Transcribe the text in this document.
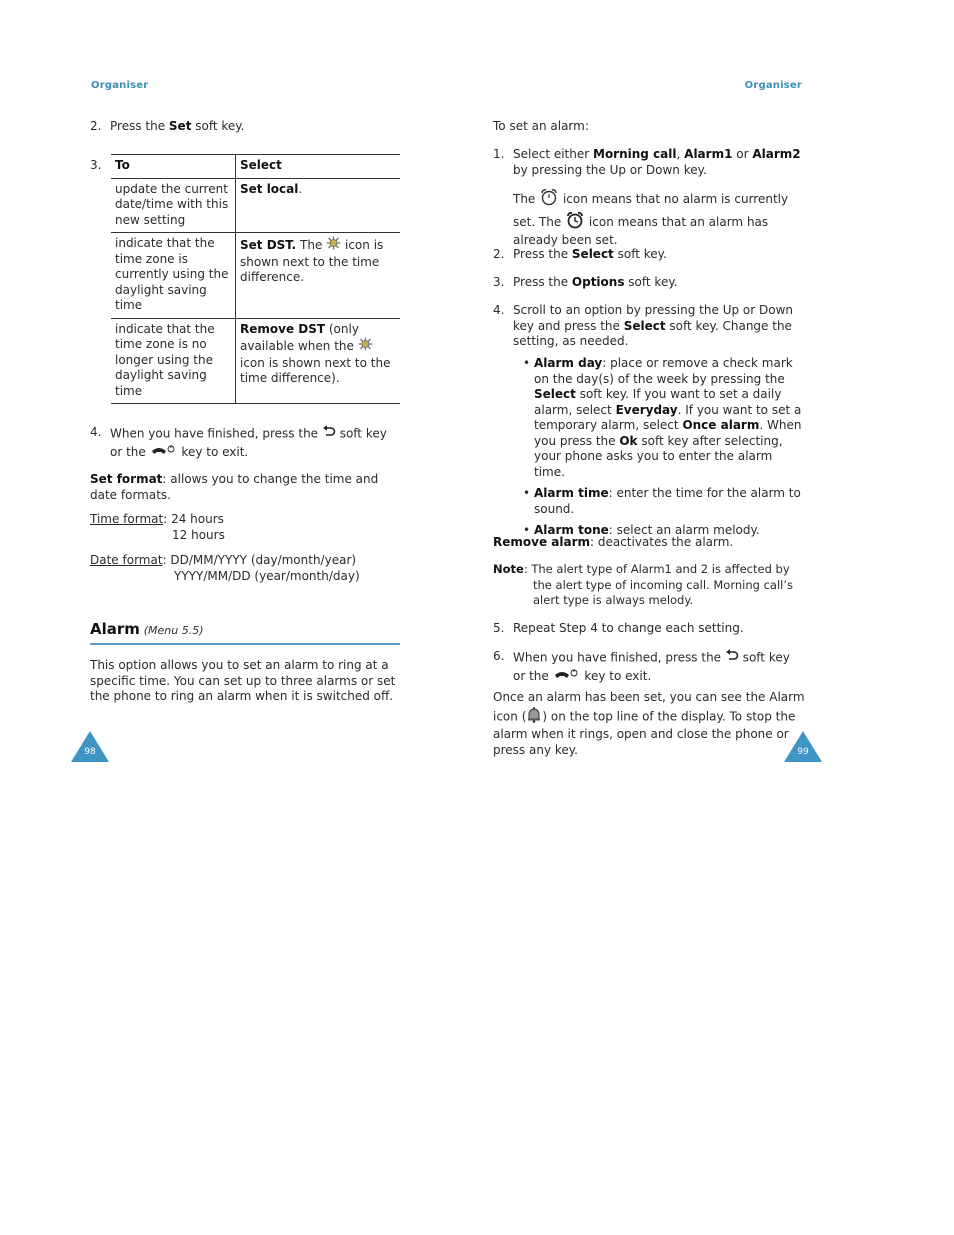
Organiser
2. Press the Set soft key.
3. To	Select
update the current date/time with this new setting	Set local.
indicate that the time zone is currently using the daylight saving time	Set DST. The  icon is shown next to the time difference.
indicate that the time zone is no longer using the daylight saving time	Remove DST (only available when the  icon is shown next to the time difference).
4. When you have finished, press the  soft key or the  key to exit.

Set format: allows you to change the time and date formats.

Time format: 24 hours
12 hours
Date format: DD/MM/YYYY (day/month/year)
YYYY/MM/DD (year/month/day)
Alarm (Menu 5.5)

This option allows you to set an alarm to ring at a specific time. You can set up to three alarms or set the phone to ring an alarm when it is switched off.

98
Organiser

To set an alarm:

1. Select either Morning call, Alarm1 or Alarm2 by pressing the Up or Down key.
The  icon means that no alarm is currently set. The  icon means that an alarm has already been set.
2. Press the Select soft key.
3. Press the Options soft key.
4. Scroll to an option by pressing the Up or Down key and press the Select soft key. Change the setting, as needed.
• Alarm day: place or remove a check mark on the day(s) of the week by pressing the Select soft key. If you want to set a daily alarm, select Everyday. If you want to set a temporary alarm, select Once alarm. When you press the Ok soft key after selecting, your phone asks you to enter the alarm time.
• Alarm time: enter the time for the alarm to sound.
• Alarm tone: select an alarm melody.

Remove alarm: deactivates the alarm.

Note: The alert type of Alarm1 and 2 is affected by
the alert type of incoming call. Morning call’s
alert type is always melody.
5. Repeat Step 4 to change each setting.
6. When you have finished, press the  soft key or the  key to exit.

Once an alarm has been set, you can see the Alarm icon ( ) on the top line of the display. To stop the alarm when it rings, open and close the phone or press any key.	99
